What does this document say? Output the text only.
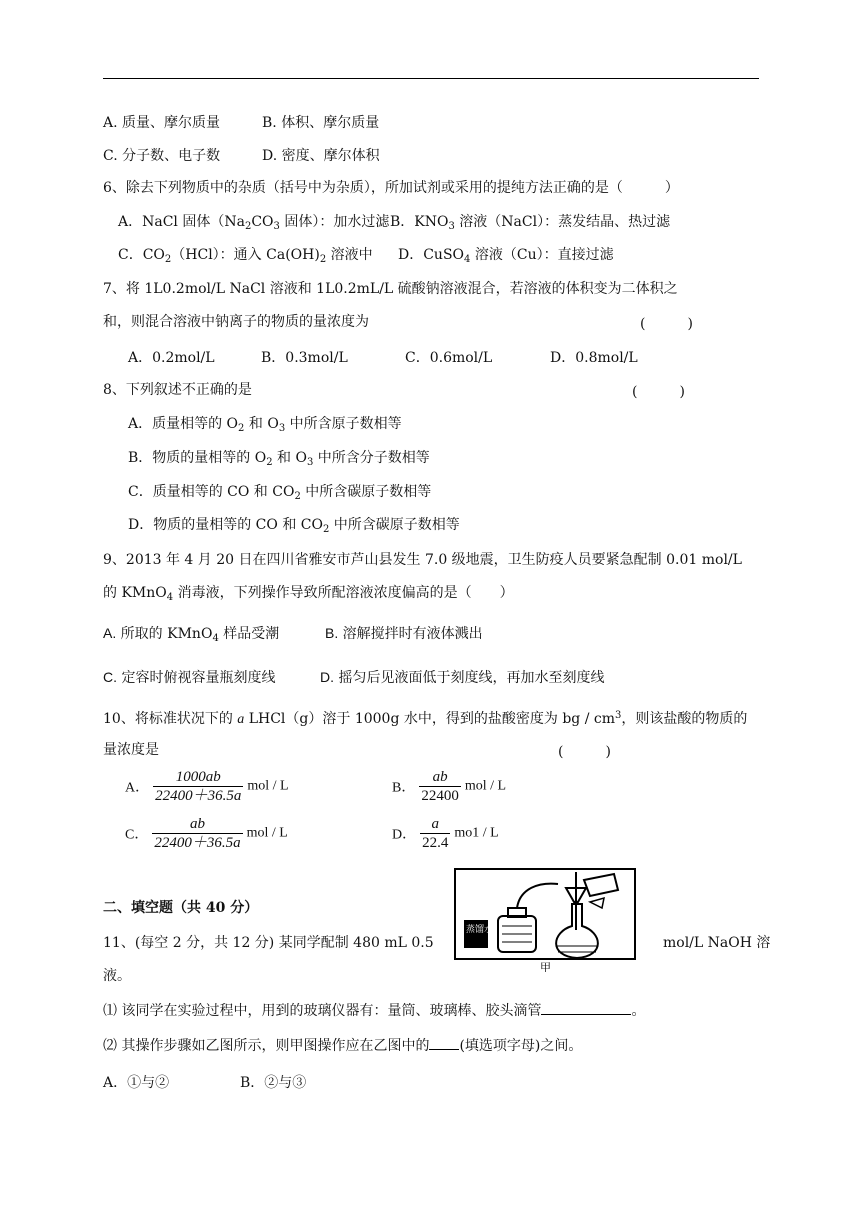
A. 质量、摩尔质量	B. 体积、摩尔质量
C. 分子数、电子数	D. 密度、摩尔体积
6、除去下列物质中的杂质（括号中为杂质），所加试剂或采用的提纯方法正确的是（　　　）
A．NaCl 固体（$Na_2CO_3$ 固体）：加水过滤 B．$KNO_3$ 溶液（NaCl）：蒸发结晶、热过滤
C．$CO_2(HCl)$：通入 $Ca(OH)_2$ 溶液中 D．CuSO$_4$ 溶液（Cu）：直接过滤
7、将 1L0.2mol/L NaCl 溶液和 1L0.2mL/L 硫酸钠溶液混合，若溶液的体积变为二体积之
和，则混合溶液中钠离子的物质的量浓度为	(　　　)
A．0.2mol/L	B．0.3mol/L	C．0.6mol/L	D．0.8mol/L
8、下列叙述不正确的是	(　　　)
A．质量相等的 $O_2$ 和 $O_3$ 中所含原子数相等
B．物质的量相等的 $O_2$ 和 $O_3$ 中所含分子数相等
C．质量相等的 CO 和 $CO_2$ 中所含碳原子数相等
D．物质的量相等的 CO 和 $CO_2$ 中所含碳原子数相等
9、2013 年 4 月 20 日在四川省雅安市芦山县发生 7.0 级地震，卫生防疫人员要紧急配制 0.01 mol/L
的 KMnO$_4$ 消毒液，下列操作导致所配溶液浓度偏高的是（　　）
A. 所取的 KMnO$_4$ 样品受潮	B. 溶解搅拌时有液体溅出
C. 定容时俯视容量瓶刻度线	D. 摇匀后见液面低于刻度线，再加水至刻度线
10、将标准状况下的 a LHCl（g）溶于 1000g 水中，得到的盐酸密度为 bg / $cm^3$，则该盐酸的物质的
量浓度是	(　　　)
A． $\frac{1000ab}{22400+36.5a}$ mol / L	B． $\frac{ab}{22400}$ mol / L
C． $\frac{ab}{22400+36.5a}$ mol / L	D． $\frac{a}{22.4} mo1$ / L
二、填空题（共 40 分）
蒸馏水
甲
11、(每空 2 分，共 12 分) 某同学配制 480 mL 0.5	mol/L NaOH 溶
液。
⑴ 该同学在实验过程中，用到的玻璃仪器有：量筒、玻璃棒、胶头滴管	。
⑵ 其操作步骤如乙图所示，则甲图操作应在乙图中的 (填选项字母)之间。
A．①与②	B．②与③
